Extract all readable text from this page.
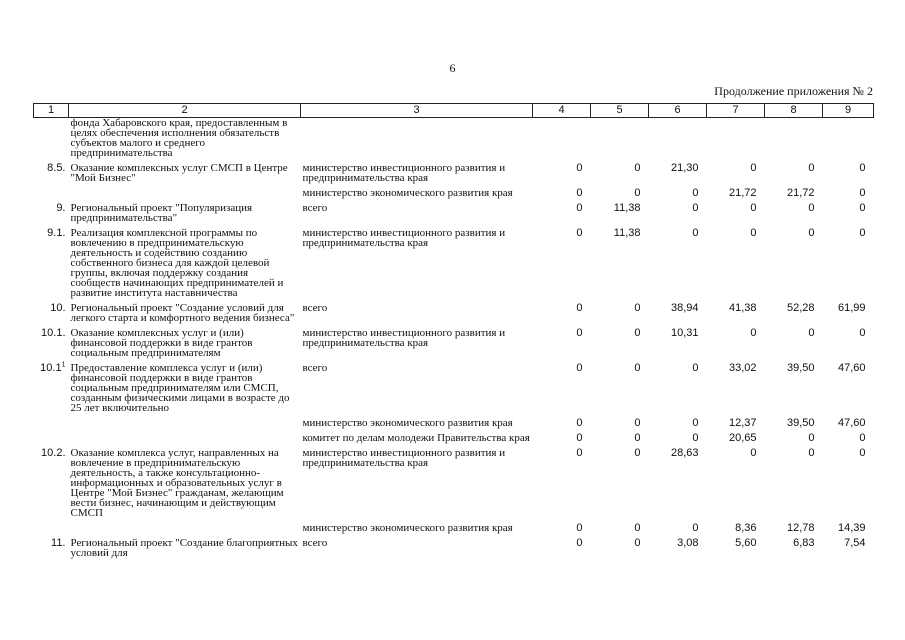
6
Продолжение приложения № 2
1	2	3	4	5	6	7	8	9
	фонда Хабаровского края, предоставленным в целях обеспечения исполнения обязательств субъектов малого и среднего предпринимательства							
8.5.	Оказание комплексных услуг СМСП в Центре "Мой Бизнес"	министерство инвестиционного развития и предпринимательства края	0	0	21,30	0	0	0
		министерство экономического развития края	0	0	0	21,72	21,72	0
9.	Региональный проект "Популяризация предпринимательства"	всего	0	11,38	0	0	0	0
9.1.	Реализация комплексной программы по вовлечению в предпринимательскую деятельность и содействию созданию собственного бизнеса для каждой целевой группы, включая поддержку создания сообществ начинающих предпринимателей и развитие института наставничества	министерство инвестиционного развития и предпринимательства края	0	11,38	0	0	0	0
10.	Региональный проект "Создание условий для легкого старта и комфортного ведения бизнеса"	всего	0	0	38,94	41,38	52,28	61,99
10.1.	Оказание комплексных услуг и (или) финансовой поддержки в виде грантов социальным предпринимателям	министерство инвестиционного развития и предпринимательства края	0	0	10,31	0	0	0
10.1$^1$	Предоставление комплекса услуг и (или) финансовой поддержки в виде грантов социальным предпринимателям или СМСП, созданным физическими лицами в возрасте до 25 лет включительно	всего	0	0	0	33,02	39,50	47,60
		министерство экономического развития края	0	0	0	12,37	39,50	47,60
		комитет по делам молодежи Правительства края	0	0	0	20,65	0	0
10.2.	Оказание комплекса услуг, направленных на вовлечение в предпринимательскую деятельность, а также консультационно-информационных и образовательных услуг в Центре "Мой Бизнес" гражданам, желающим вести бизнес, начинающим и действующим СМСП	министерство инвестиционного развития и предпринимательства края	0	0	28,63	0	0	0
		министерство экономического развития края	0	0	0	8,36	12,78	14,39
11.	Региональный проект "Создание благоприятных условий для	всего	0	0	3,08	5,60	6,83	7,54
